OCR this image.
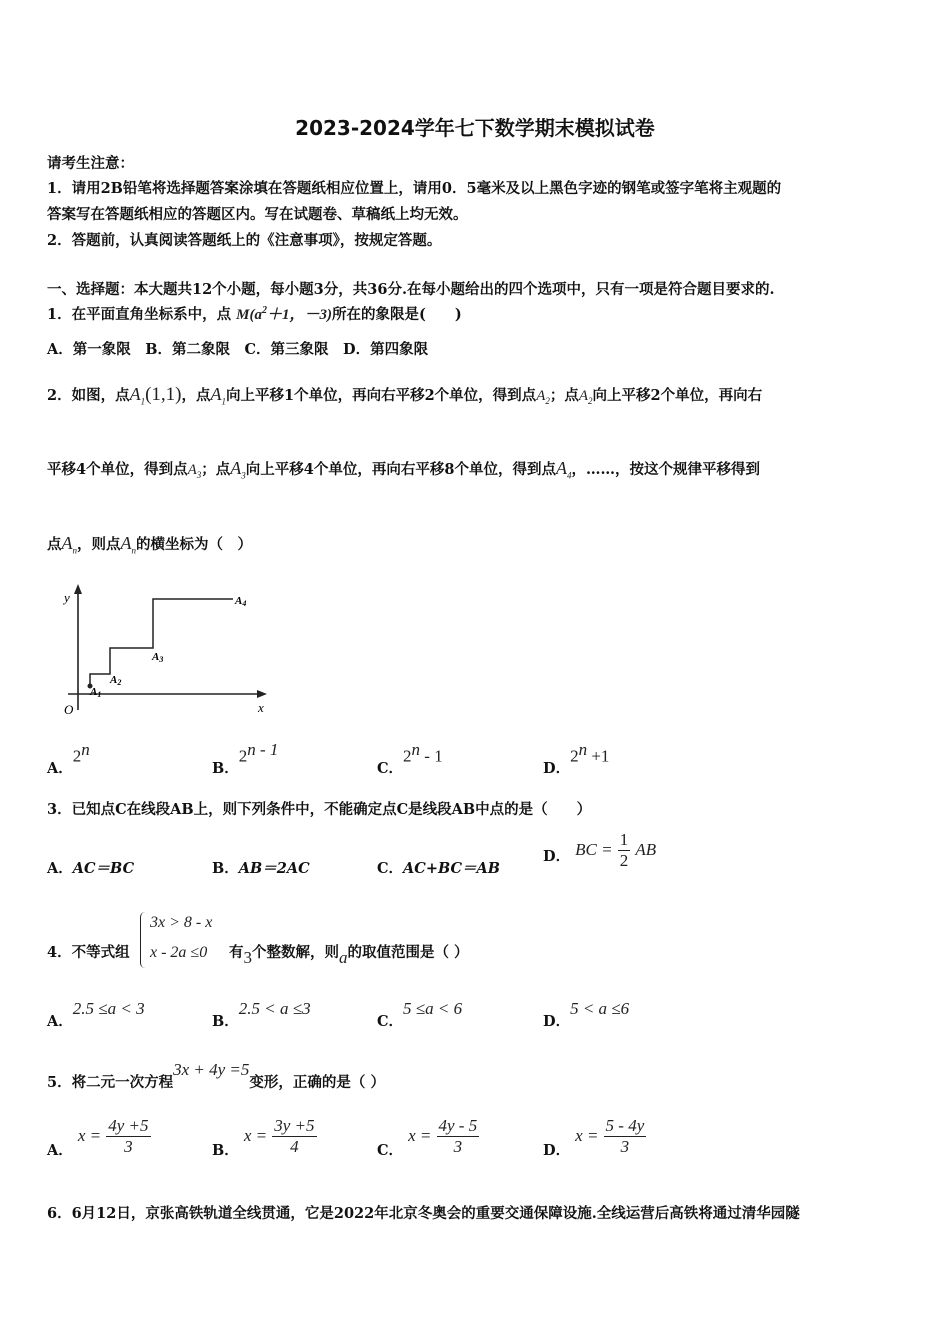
2023-2024学年七下数学期末模拟试卷
请考生注意：
1．请用2B铅笔将选择题答案涂填在答题纸相应位置上，请用0．5毫米及以上黑色字迹的钢笔或签字笔将主观题的
答案写在答题纸相应的答题区内。写在试题卷、草稿纸上均无效。
2．答题前，认真阅读答题纸上的《注意事项》，按规定答题。
一、选择题：本大题共12个小题，每小题3分，共36分.在每小题给出的四个选项中，只有一项是符合题目要求的.
1．在平面直角坐标系中，点 $M(a^2+1$，－3)所在的象限是(　　)
A．第一象限　B．第二象限　C．第三象限　D．第四象限
2．如图，点$A_1(1,1)$，点$A_1$向上平移1个单位，再向右平移2个单位，得到点$A_2$；点$A_2$向上平移2个单位，再向右
平移4个单位，得到点$A_3$；点$A_3$向上平移4个单位，再向右平移8个单位，得到点$A_4$，……，按这个规律平移得到
点$A_n$，则点$A_n$的横坐标为（　）
y
x
O
A1
A2
A3
A4
A．2$^n$
B．2$^{n - 1}$
C．2$^n$ - 1
D．$2^n +1$
3．已知点C在线段AB上，则下列条件中，不能确定点C是线段AB中点的是（　　）
A．AC＝BC	B．AB＝2AC	C．AC+BC＝AB
D． BC = $\frac{1}{2}$ AB
4．不等式组
3x > 8 - x
x - 2a ≤0 有3个整数解，则a的取值范围是（ ）
A．2.5 ≤a < 3
B．2.5 < a ≤3
C．5 ≤a < 6
D．5 < a ≤6
5．将二元一次方程3x + 4y =5变形，正确的是（ ）
A． $x = \frac{4y +5}{3}$	B． $x = \frac{3y +5}{4}$	C． $x = \frac{4y - 5}{3}$	D． $x = \frac{5 - 4y}{3}$
6．6月12日，京张高铁轨道全线贯通，它是2022年北京冬奥会的重要交通保障设施.全线运营后高铁将通过清华园隧
